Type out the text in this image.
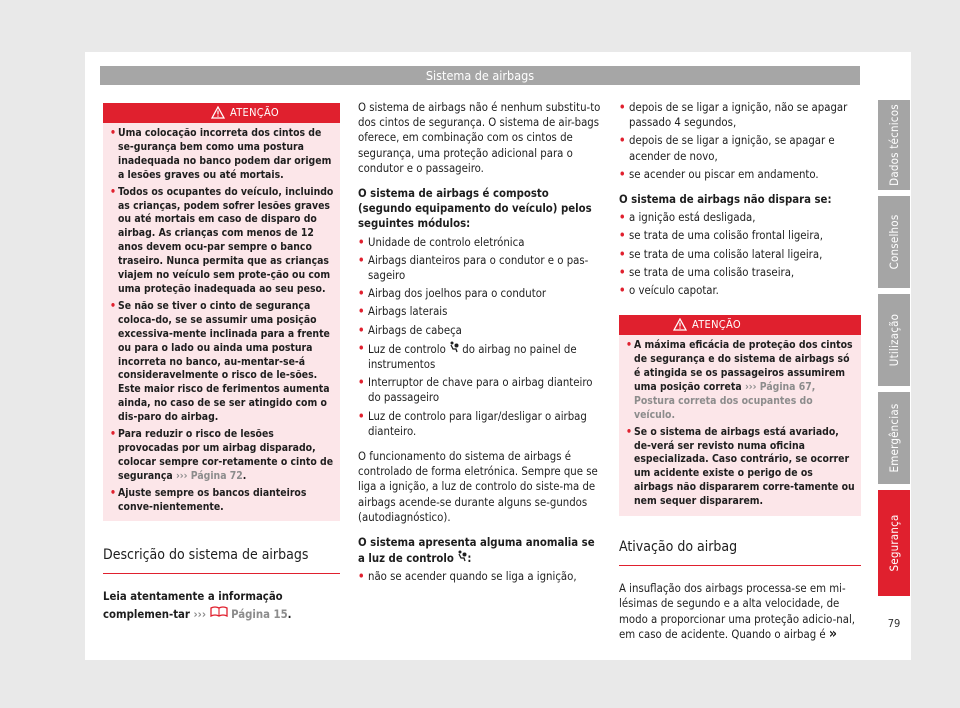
Sistema de airbags
ATENÇÃO
• Uma colocação incorreta dos cintos de se-gurança bem como uma postura inadequada no banco podem dar origem a lesões graves ou até mortais.
• Todos os ocupantes do veículo, incluindo as crianças, podem sofrer lesões graves ou até mortais em caso de disparo do airbag. As crianças com menos de 12 anos devem ocu-par sempre o banco traseiro. Nunca permita que as crianças viajem no veículo sem prote-ção ou com uma proteção inadequada ao seu peso.
• Se não se tiver o cinto de segurança coloca-do, se se assumir uma posição excessiva-mente inclinada para a frente ou para o lado ou ainda uma postura incorreta no banco, au-mentar-se-á consideravelmente o risco de le-sões. Este maior risco de ferimentos aumenta ainda, no caso de se ser atingido com o dis-paro do airbag.
• Para reduzir o risco de lesões provocadas por um airbag disparado, colocar sempre cor-retamente o cinto de segurança ››› Página 72.
• Ajuste sempre os bancos dianteiros conve-nientemente.

Descrição do sistema de airbags

Leia atentamente a informação complemen-tar ›››  Página 15.

O sistema de airbags não é nenhum substitu-to dos cintos de segurança. O sistema de air-bags oferece, em combinação com os cintos de segurança, uma proteção adicional para o condutor e o passageiro.

O sistema de airbags é composto (segundo equipamento do veículo) pelos seguintes módulos:

• Unidade de controlo eletrónica
• Airbags dianteiros para o condutor e o pas-sageiro
• Airbag dos joelhos para o condutor
• Airbags laterais
• Airbags de cabeça
• Luz de controlo do airbag no painel de instrumentos
• Interruptor de chave para o airbag dianteiro do passageiro
• Luz de controlo para ligar/desligar o airbag dianteiro.

O funcionamento do sistema de airbags é controlado de forma eletrónica. Sempre que se liga a ignição, a luz de controlo do siste-ma de airbags acende-se durante alguns se-gundos (autodiagnóstico).

O sistema apresenta alguma anomalia se a luz de controlo :

• não se acender quando se liga a ignição,
• depois de se ligar a ignição, não se apagar passado 4 segundos,
• depois de se ligar a ignição, se apagar e acender de novo,
• se acender ou piscar em andamento.

O sistema de airbags não dispara se:

• a ignição está desligada,
• se trata de uma colisão frontal ligeira,
• se trata de uma colisão lateral ligeira,
• se trata de uma colisão traseira,
• o veículo capotar.
ATENÇÃO
• A máxima eficácia de proteção dos cintos de segurança e do sistema de airbags só é atingida se os passageiros assumirem uma posição correta ››› Página 67, Postura correta dos ocupantes do veículo.
• Se o sistema de airbags está avariado, de-verá ser revisto numa oficina especializada. Caso contrário, se ocorrer um acidente existe o perigo de os airbags não dispararem corre-tamente ou nem sequer dispararem.

Ativação do airbag

A insuflação dos airbags processa-se em mi-lésimas de segundo e a alta velocidade, de modo a proporcionar uma proteção adicio-nal, em caso de acidente. Quando o airbag é »

Dados técnicos
Conselhos
Utilização
Emergências
Segurança
79
